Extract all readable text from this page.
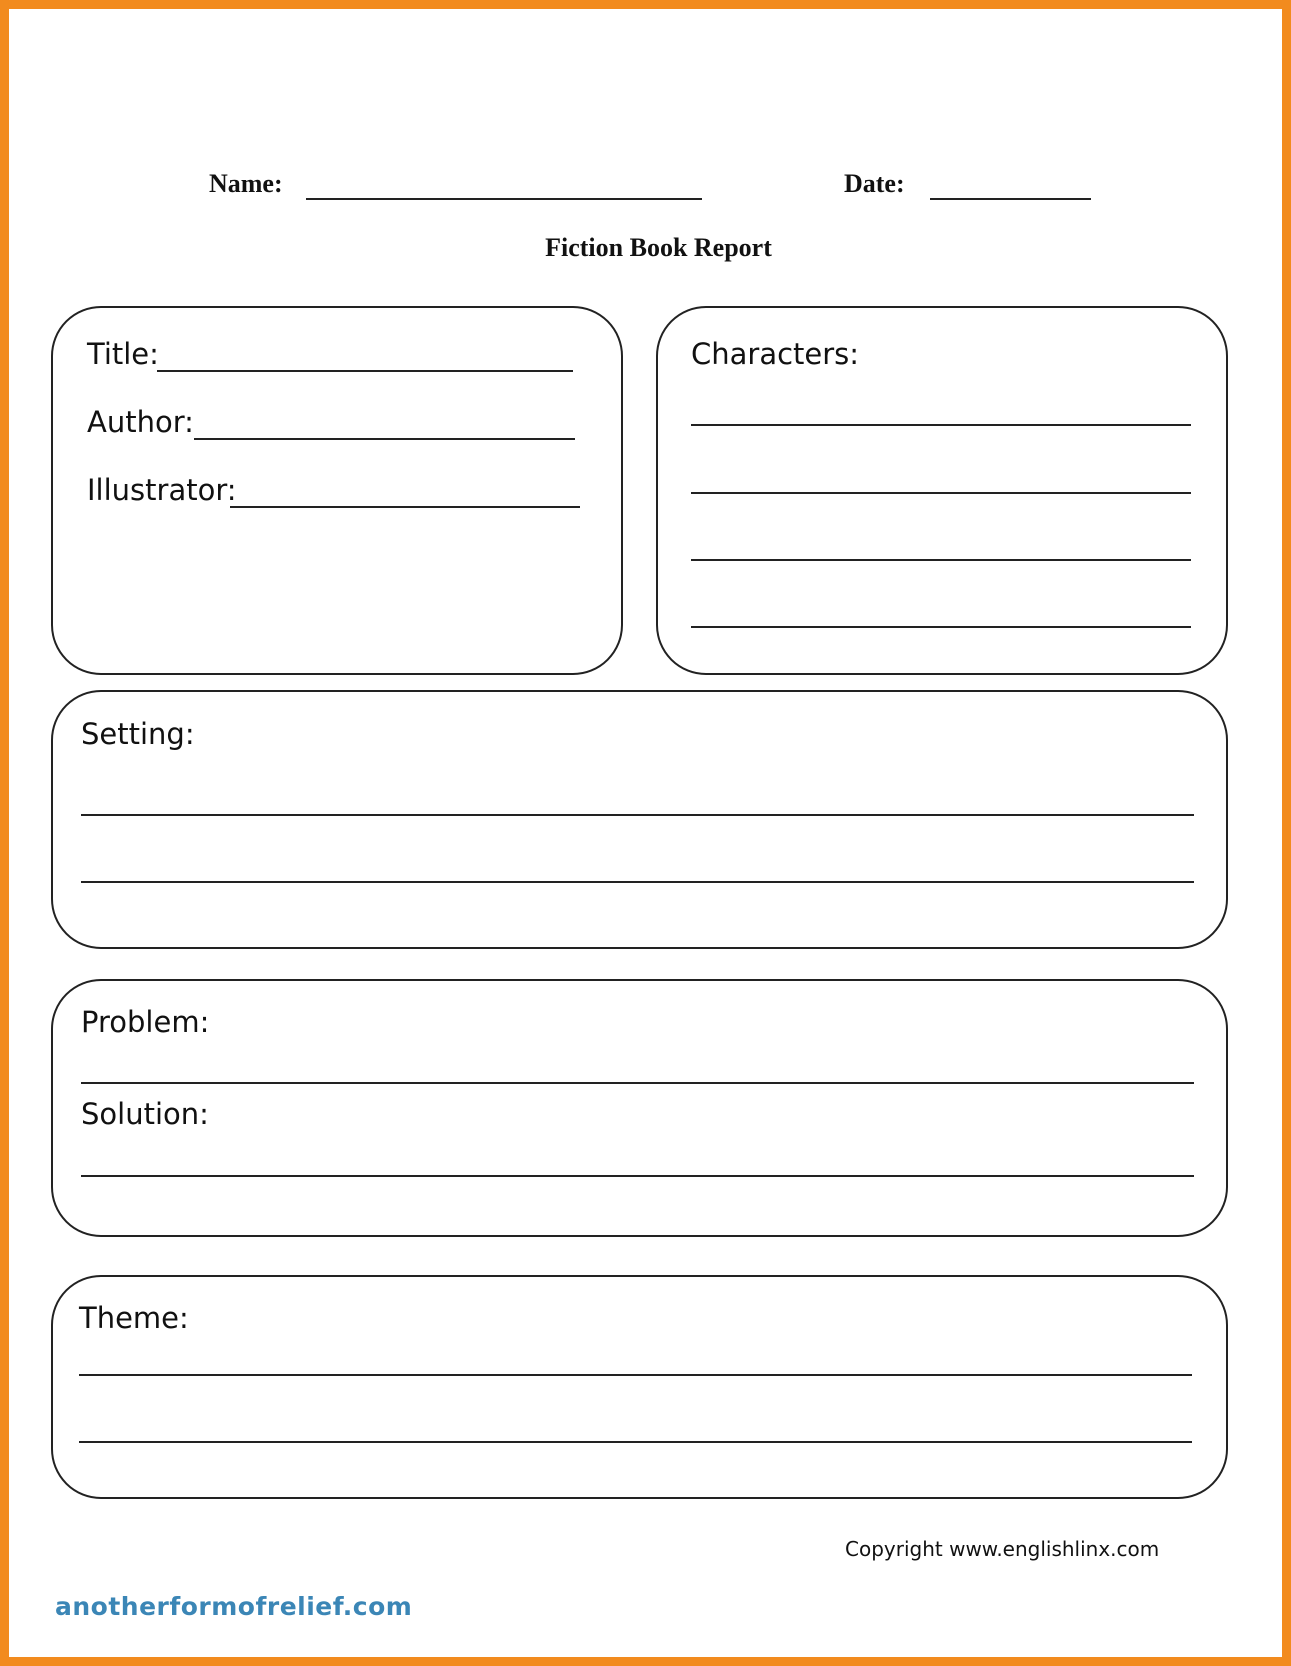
Name:	Date:
Fiction Book Report
Title:
Author:
Illustrator:
Characters:
Setting:
Problem:
Solution:
Theme:
Copyright www.englishlinx.com
anotherformofrelief.com
